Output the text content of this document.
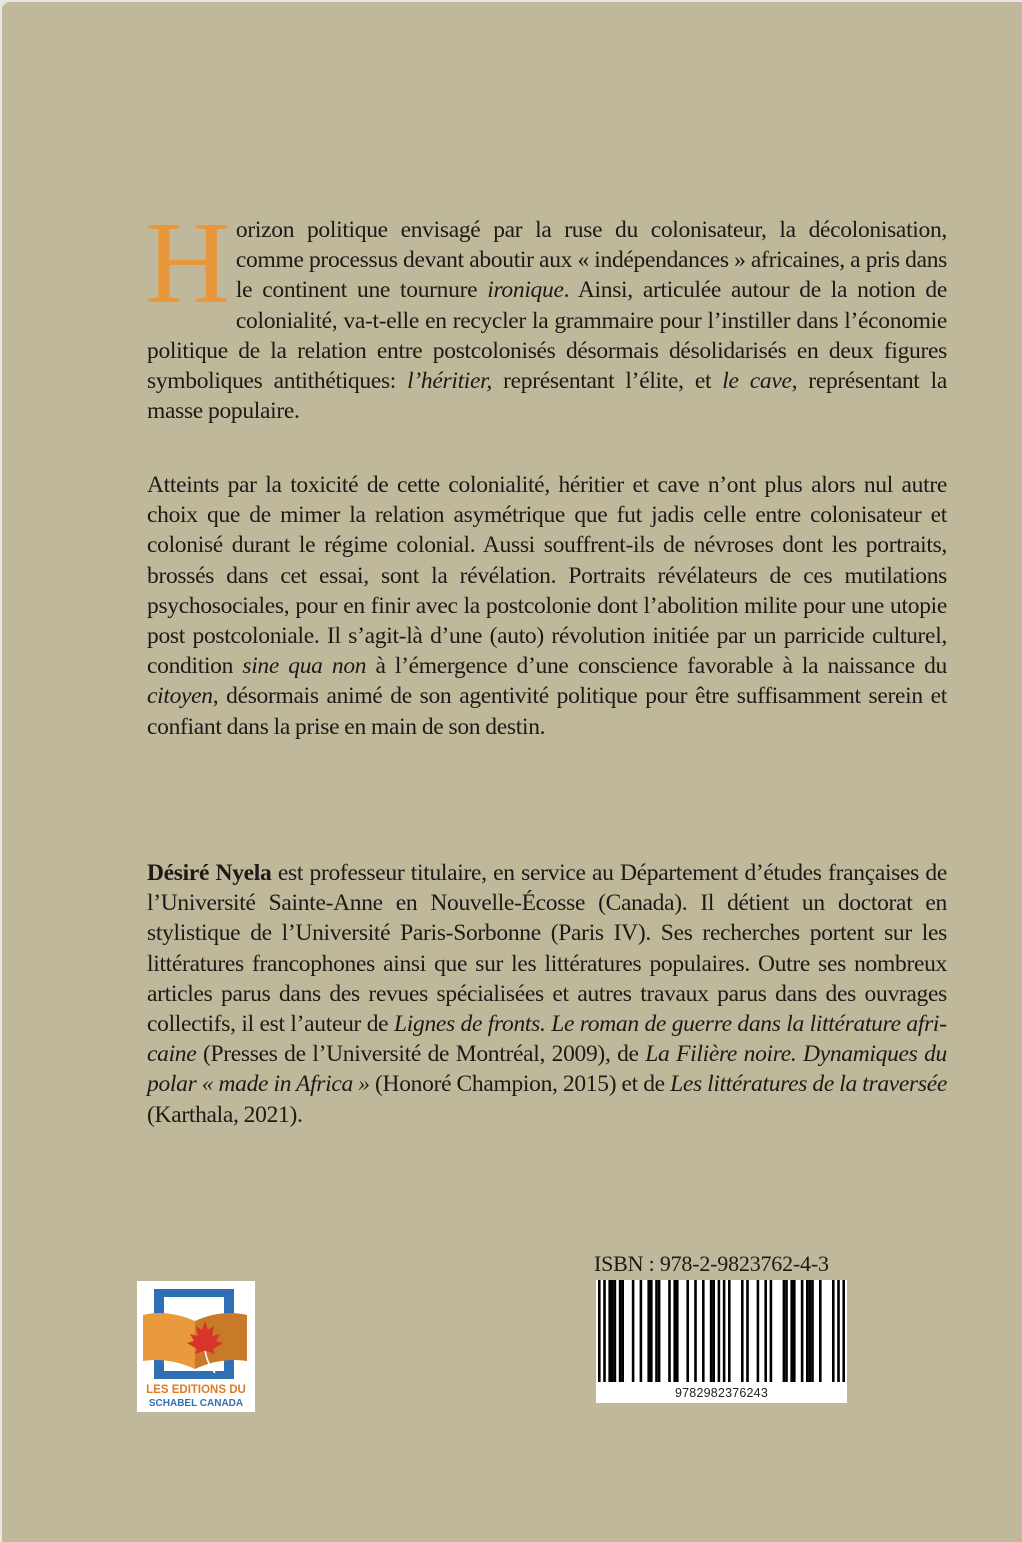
H orizon politique envisagé par la ruse du colonisateur, la décolonisation, comme processus devant aboutir aux « indépendances » africaines, a pris dans le continent une tournure ironique. Ainsi, articulée autour de la notion de colonialité, va-t-elle en recycler la grammaire pour l’instiller dans l’économie politique de la relation entre postcolonisés désormais désolidarisés en deux figures symboliques antithétiques: l’héritier, représentant l’élite, et le cave, représentant la masse populaire.

Atteints par la toxicité de cette colonialité, héritier et cave n’ont plus alors nul autre choix que de mimer la relation asymétrique que fut jadis celle entre colonisateur et colonisé durant le régime colonial. Aussi souffrent-ils de névroses dont les portraits, brossés dans cet essai, sont la révélation. Portraits révélateurs de ces mutilations psychosociales, pour en finir avec la postcolonie dont l’abolition milite pour une utopie post postcoloniale. Il s’agit-là d’une (auto) révolution initiée par un parricide culturel, condition sine qua non à l’émergence d’une conscience favorable à la naissance du citoyen, désormais animé de son agentivité politique pour être suffisamment serein et confiant dans la prise en main de son destin.

Désiré Nyela est professeur titulaire, en service au Département d’études françaises de l’Université Sainte-Anne en Nouvelle-Écosse (Canada). Il détient un doctorat en stylistique de l’Université Paris-Sorbonne (Paris IV). Ses recherches portent sur les littératures francophones ainsi que sur les littératures populaires. Outre ses nombreux articles parus dans des revues spécialisées et autres travaux parus dans des ouvrages collectifs, il est l’auteur de Lignes de fronts. Le roman de guerre dans la littérature africaine (Presses de l’Université de Montréal, 2009), de La Filière noire. Dynamiques du polar « made in Africa » (Honoré Champion, 2015) et de Les littératures de la traversée (Karthala, 2021).

LES EDITIONS DU
SCHABEL CANADA
ISBN : 978-2-9823762-4-3
9782982376243
